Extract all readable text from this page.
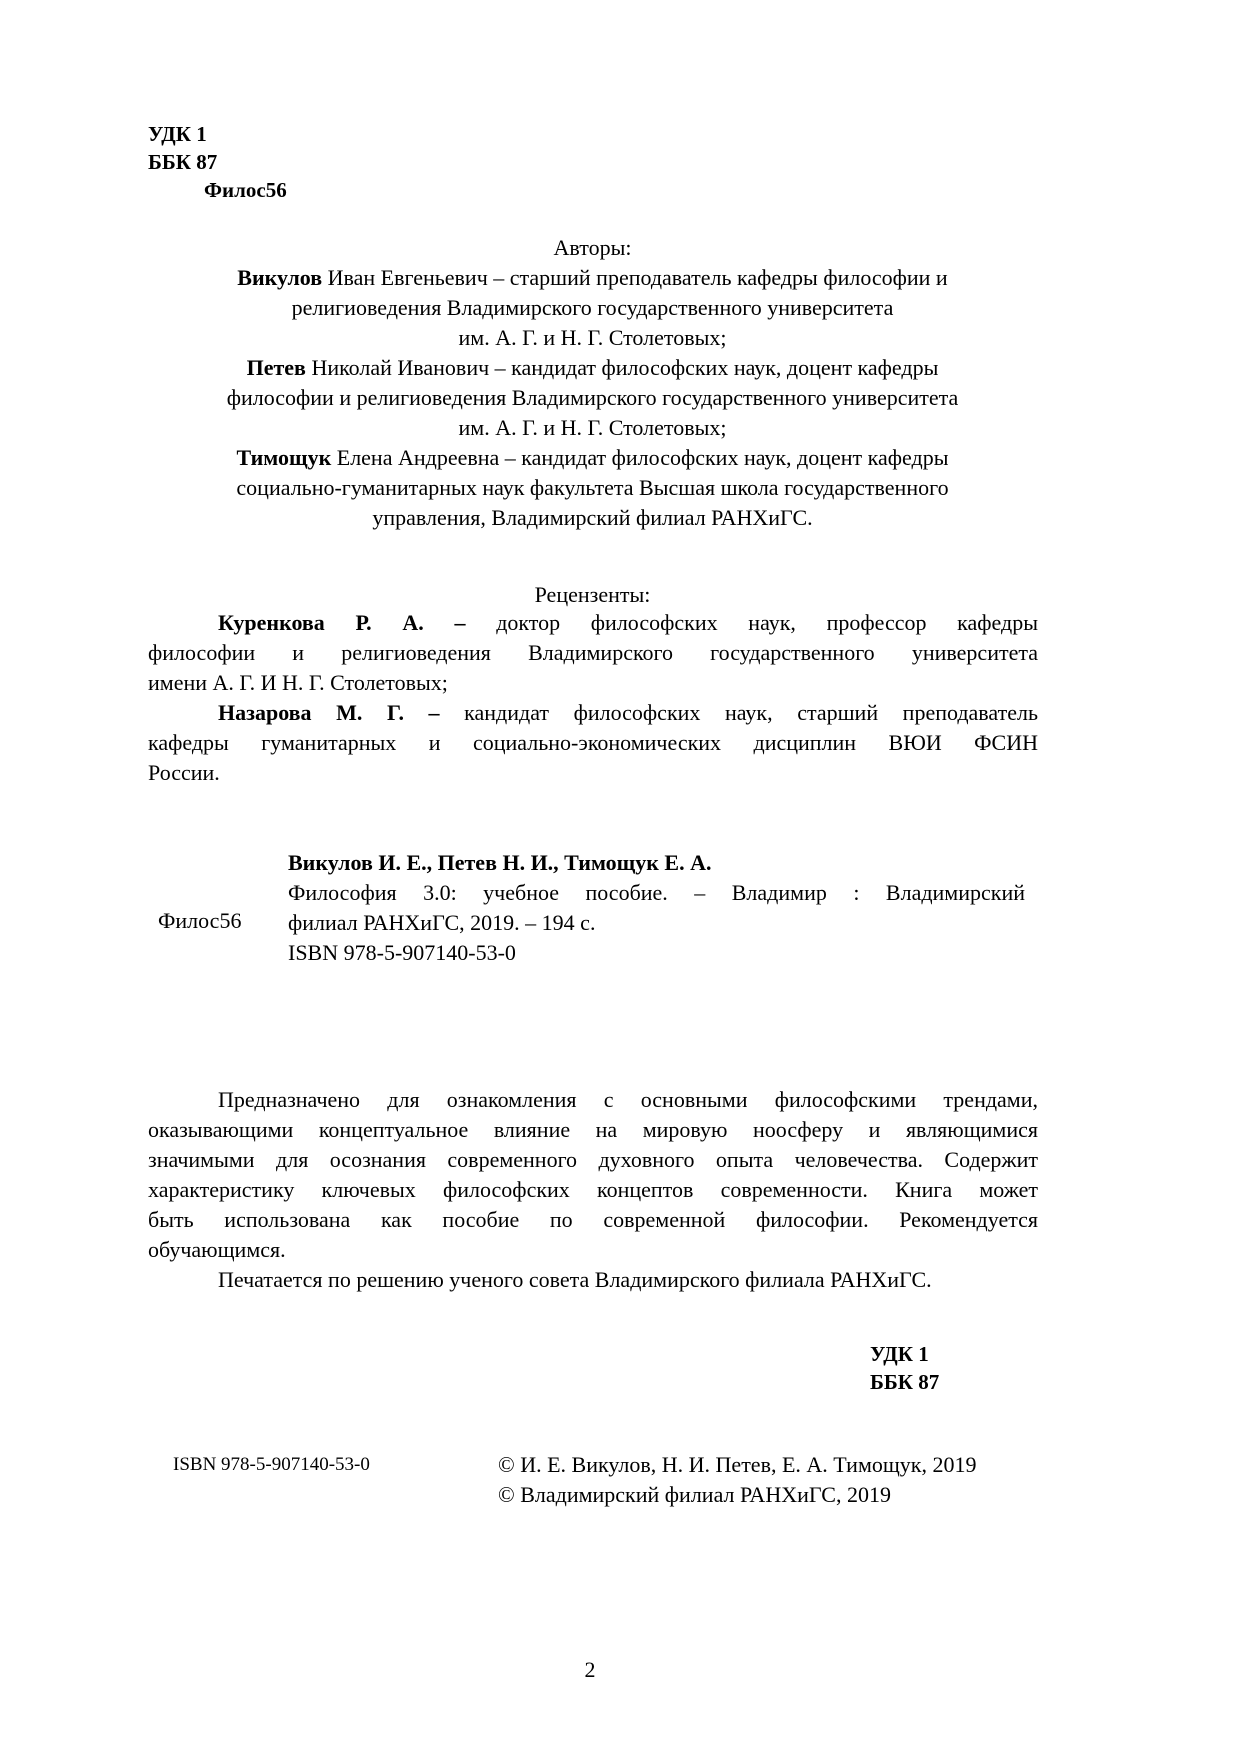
УДК 1
ББК 87
Филос56
Авторы:
Викулов Иван Евгеньевич – старший преподаватель кафедры философии и
религиоведения Владимирского государственного университета
им. А. Г. и Н. Г. Столетовых;
Петев Николай Иванович – кандидат философских наук, доцент кафедры
философии и религиоведения Владимирского государственного университета
им. А. Г. и Н. Г. Столетовых;
Тимощук Елена Андреевна – кандидат философских наук, доцент кафедры
социально-гуманитарных наук факультета Высшая школа государственного
управления, Владимирский филиал РАНХиГС.
Рецензенты:
Куренкова Р. А. – доктор философских наук, профессор кафедры
философии и религиоведения Владимирского государственного университета
имени А. Г. И Н. Г. Столетовых;
Назарова М. Г. – кандидат философских наук, старший преподаватель
кафедры гуманитарных и социально-экономических дисциплин ВЮИ ФСИН
России.
Филос56
Викулов И. Е., Петев Н. И., Тимощук Е. А.
Философия 3.0: учебное пособие. – Владимир : Владимирский
филиал РАНХиГС, 2019. – 194 с.
ISBN 978-5-907140-53-0
Предназначено для ознакомления с основными философскими трендами,
оказывающими концептуальное влияние на мировую ноосферу и являющимися
значимыми для осознания современного духовного опыта человечества. Содержит
характеристику ключевых философских концептов современности. Книга может
быть использована как пособие по современной философии. Рекомендуется
обучающимся.
Печатается по решению ученого совета Владимирского филиала РАНХиГС.
УДК 1
ББК 87
ISBN 978-5-907140-53-0	© И. Е. Викулов, Н. И. Петев, Е. А. Тимощук, 2019
© Владимирский филиал РАНХиГС, 2019
2
